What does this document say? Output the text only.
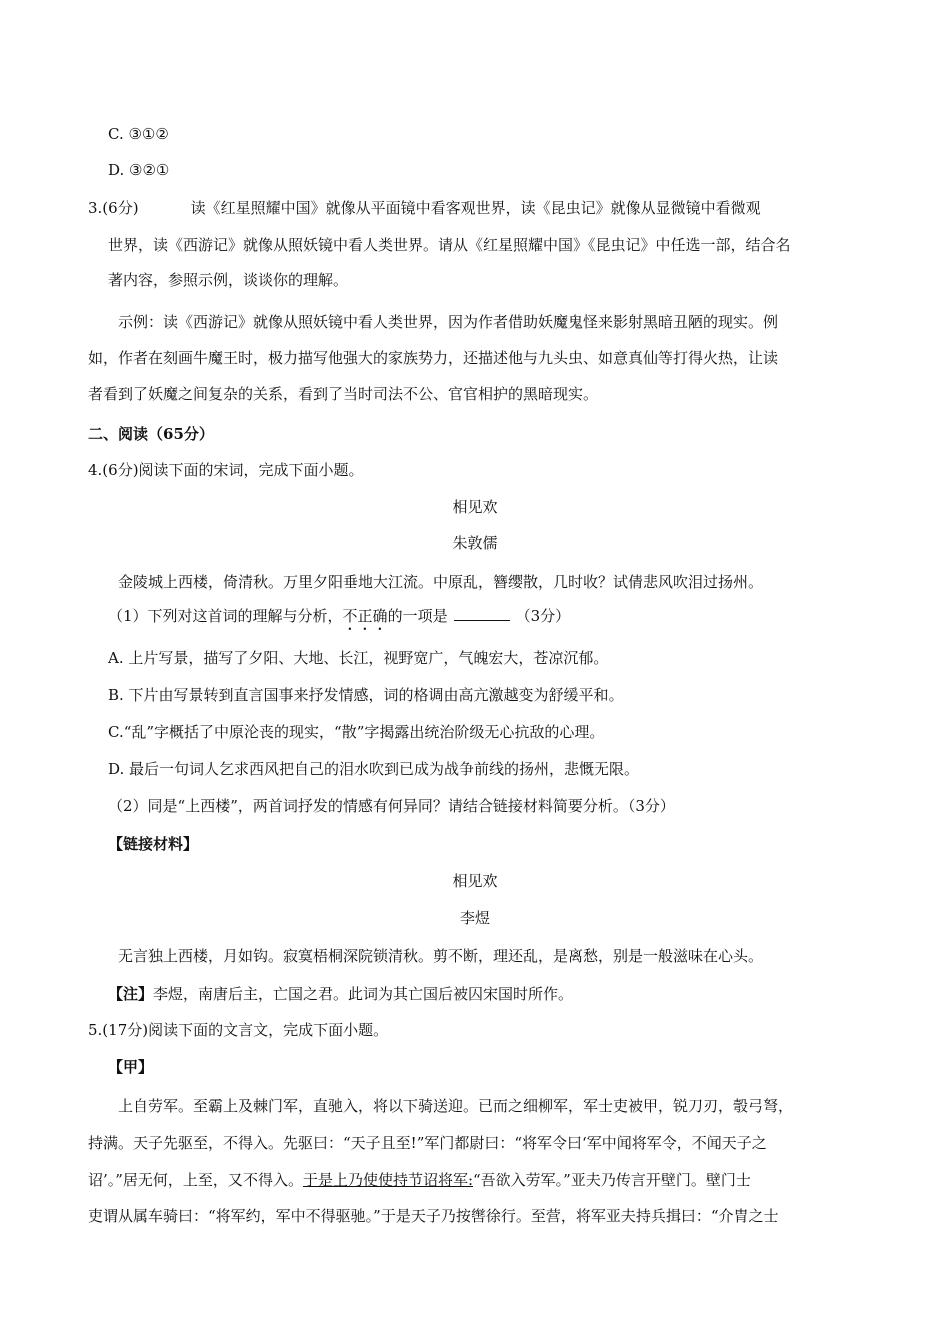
C. ③①②
D. ③②①
3.(6分)	读《红星照耀中国》就像从平面镜中看客观世界，读《昆虫记》就像从显微镜中看微观
世界，读《西游记》就像从照妖镜中看人类世界。请从《红星照耀中国》《昆虫记》中任选一部，结合名
著内容，参照示例，谈谈你的理解。
示例：读《西游记》就像从照妖镜中看人类世界，因为作者借助妖魔鬼怪来影射黑暗丑陋的现实。例
如，作者在刻画牛魔王时，极力描写他强大的家族势力，还描述他与九头虫、如意真仙等打得火热，让读
者看到了妖魔之间复杂的关系，看到了当时司法不公、官官相护的黑暗现实。
二、阅读（65分）
4.(6分)阅读下面的宋词，完成下面小题。
相见欢
朱敦儒
金陵城上西楼，倚清秋。万里夕阳垂地大江流。中原乱，簪缨散，几时收？试倩悲风吹泪过扬州。
（1）下列对这首词的理解与分析，不正确的一项是	（3分）
A. 上片写景，描写了夕阳、大地、长江，视野宽广，气魄宏大，苍凉沉郁。
B. 下片由写景转到直言国事来抒发情感，词的格调由高亢激越变为舒缓平和。
C.“乱”字概括了中原沦丧的现实，“散”字揭露出统治阶级无心抗敌的心理。
D. 最后一句词人乞求西风把自己的泪水吹到已成为战争前线的扬州，悲慨无限。
（2）同是“上西楼”，两首词抒发的情感有何异同？请结合链接材料简要分析。（3分）
【链接材料】
相见欢
李煜
无言独上西楼，月如钩。寂寞梧桐深院锁清秋。剪不断，理还乱，是离愁，别是一般滋味在心头。
【注】李煜，南唐后主，亡国之君。此词为其亡国后被囚宋国时所作。
5.(17分)阅读下面的文言文，完成下面小题。
【甲】
上自劳军。至霸上及棘门军，直驰入，将以下骑送迎。已而之细柳军，军士吏被甲，锐刀刃，彀弓弩，
持满。天子先驱至，不得入。先驱曰：“天子且至!”军门都尉曰：“将军令曰‘军中闻将军令，不闻天子之
诏’。”居无何，上至，又不得入。于是上乃使使持节诏将军:“吾欲入劳军。”亚夫乃传言开壁门。壁门士
吏谓从属车骑曰：“将军约，军中不得驱驰。”于是天子乃按辔徐行。至营，将军亚夫持兵揖曰：“介胄之士
